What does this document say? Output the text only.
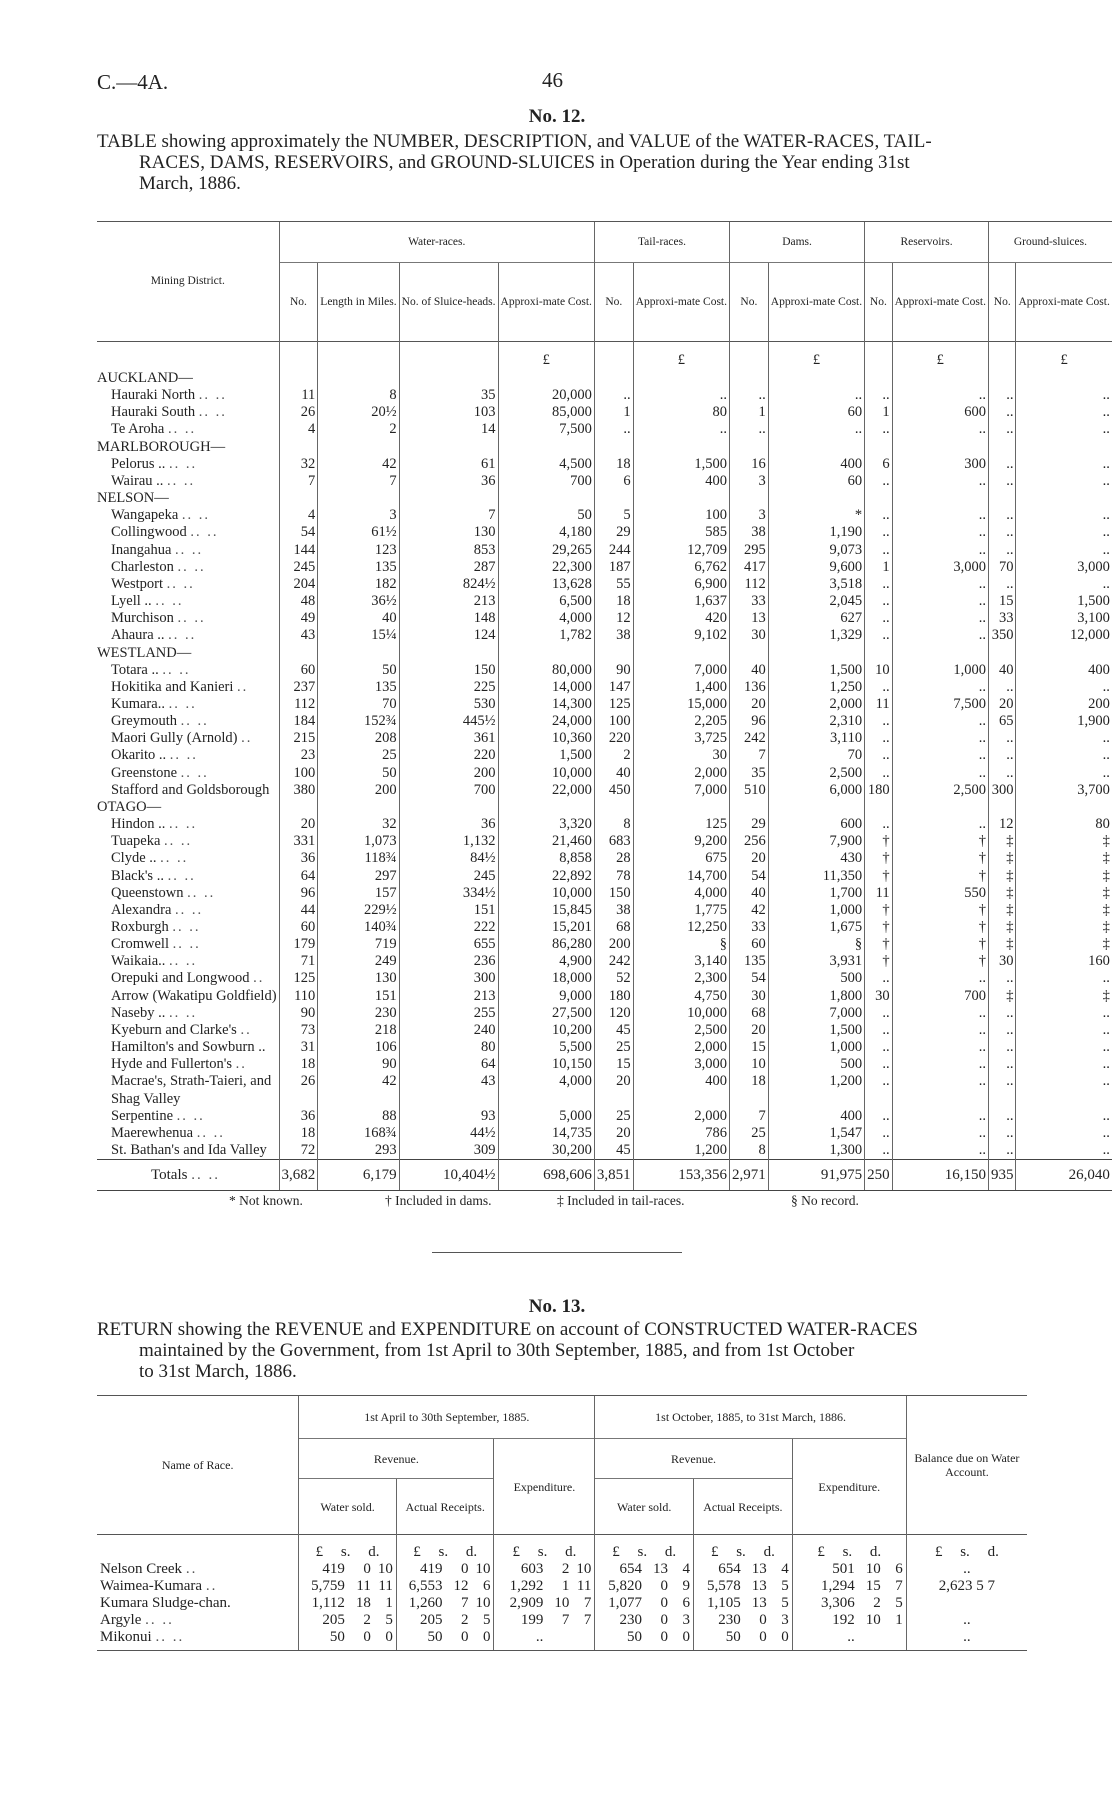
C.—4A.	46
No. 12.
TABLE showing approximately the NUMBER, DESCRIPTION, and VALUE of the WATER-RACES, TAIL-
RACES, DAMS, RESERVOIRS, and GROUND-SLUICES in Operation during the Year ending 31st
March, 1886.
Mining District.	Water-races.				Tail-races.		Dams.		Reservoirs.		Ground-sluices.	
	No.	Length in Miles.	No. of Sluice-heads.	Approxi-mate Cost.	No.	Approxi-mate Cost.	No.	Approxi-mate Cost.	No.	Approxi-mate Cost.	No.	Approxi-mate Cost.
				£		£		£		£		£
AUCKLAND—												
Hauraki North .. ..	11	8	35	20,000	..	..	..	..	..	..	..	..
Hauraki South .. ..	26	20½	103	85,000	1	80	1	60	1	600	..	..
Te Aroha .. ..	4	2	14	7,500	..	..	..	..	..	..	..	..
MARLBOROUGH—												
Pelorus .. .. ..	32	42	61	4,500	18	1,500	16	400	6	300	..	..
Wairau .. .. ..	7	7	36	700	6	400	3	60	..	..	..	..
NELSON—												
Wangapeka .. ..	4	3	7	50	5	100	3	*	..	..	..	..
Collingwood .. ..	54	61½	130	4,180	29	585	38	1,190	..	..	..	..
Inangahua .. ..	144	123	853	29,265	244	12,709	295	9,073	..	..	..	..
Charleston .. ..	245	135	287	22,300	187	6,762	417	9,600	1	3,000	70	3,000
Westport .. ..	204	182	824½	13,628	55	6,900	112	3,518	..	..	..	..
Lyell .. .. ..	48	36½	213	6,500	18	1,637	33	2,045	..	..	15	1,500
Murchison .. ..	49	40	148	4,000	12	420	13	627	..	..	33	3,100
Ahaura .. .. ..	43	15¼	124	1,782	38	9,102	30	1,329	..	..	350	12,000
WESTLAND—												
Totara .. .. ..	60	50	150	80,000	90	7,000	40	1,500	10	1,000	40	400
Hokitika and Kanieri ..	237	135	225	14,000	147	1,400	136	1,250	..	..	..	..
Kumara.. .. ..	112	70	530	14,300	125	15,000	20	2,000	11	7,500	20	200
Greymouth .. ..	184	152¾	445½	24,000	100	2,205	96	2,310	..	..	65	1,900
Maori Gully (Arnold) ..	215	208	361	10,360	220	3,725	242	3,110	..	..	..	..
Okarito .. .. ..	23	25	220	1,500	2	30	7	70	..	..	..	..
Greenstone .. ..	100	50	200	10,000	40	2,000	35	2,500	..	..	..	..
Stafford and Goldsborough	380	200	700	22,000	450	7,000	510	6,000	180	2,500	300	3,700
OTAGO—												
Hindon .. .. ..	20	32	36	3,320	8	125	29	600	..	..	12	80
Tuapeka .. ..	331	1,073	1,132	21,460	683	9,200	256	7,900	†	†	‡	‡
Clyde .. .. ..	36	118¾	84½	8,858	28	675	20	430	†	†	‡	‡
Black's .. .. ..	64	297	245	22,892	78	14,700	54	11,350	†	†	‡	‡
Queenstown .. ..	96	157	334½	10,000	150	4,000	40	1,700	11	550	‡	‡
Alexandra .. ..	44	229½	151	15,845	38	1,775	42	1,000	†	†	‡	‡
Roxburgh .. ..	60	140¾	222	15,201	68	12,250	33	1,675	†	†	‡	‡
Cromwell .. ..	179	719	655	86,280	200	§	60	§	†	†	‡	‡
Waikaia.. .. ..	71	249	236	4,900	242	3,140	135	3,931	†	†	30	160
Orepuki and Longwood ..	125	130	300	18,000	52	2,300	54	500	..	..	..	..
Arrow (Wakatipu Goldfield)	110	151	213	9,000	180	4,750	30	1,800	30	700	‡	‡
Naseby .. .. ..	90	230	255	27,500	120	10,000	68	7,000	..	..	..	..
Kyeburn and Clarke's ..	73	218	240	10,200	45	2,500	20	1,500	..	..	..	..
Hamilton's and Sowburn ..	31	106	80	5,500	25	2,000	15	1,000	..	..	..	..
Hyde and Fullerton's ..	18	90	64	10,150	15	3,000	10	500	..	..	..	..
Macrae's, Strath-Taieri, and	26	42	43	4,000	20	400	18	1,200	..	..	..	..
Shag Valley												
Serpentine .. ..	36	88	93	5,000	25	2,000	7	400	..	..	..	..
Maerewhenua .. ..	18	168¾	44½	14,735	20	786	25	1,547	..	..	..	..
St. Bathan's and Ida Valley	72	293	309	30,200	45	1,200	8	1,300	..	..	..	..
Totals .. ..	3,682	6,179	10,404½	698,606	3,851	153,356	2,971	91,975	250	16,150	935	26,040
* Not known.	† Included in dams.	‡ Included in tail-races.	§ No record.
No. 13.
RETURN showing the REVENUE and EXPENDITURE on account of CONSTRUCTED WATER-RACES
maintained by the Government, from 1st April to 30th September, 1885, and from 1st October
to 31st March, 1886.
Name of Race.	1st April to 30th September, 1885.			1st October, 1885, to 31st March, 1886.			Balance due on Water Account.
	Revenue.		Expenditure.	Revenue.		Expenditure.	
	Water sold.	Actual Receipts.		Water sold.	Actual Receipts.		
	£ s. d.	£ s. d.	£ s. d.	£ s. d.	£ s. d.	£ s. d.	£ s. d.
Nelson Creek ..	419 0 10	419 0 10	603 2 10	654 13 4	654 13 4	501 10 6	..
Waimea-Kumara ..	5,759 11 11	6,553 12 6	1,292 1 11	5,820 0 9	5,578 13 5	1,294 15 7	2,623 5 7
Kumara Sludge-chan.	1,112 18 1	1,260 7 10	2,909 10 7	1,077 0 6	1,105 13 5	3,306 2 5	
Argyle .. ..	205 2 5	205 2 5	199 7 7	230 0 3	230 0 3	192 10 1	..
Mikonui .. ..	50 0 0	50 0 0	..	50 0 0	50 0 0	..	..
